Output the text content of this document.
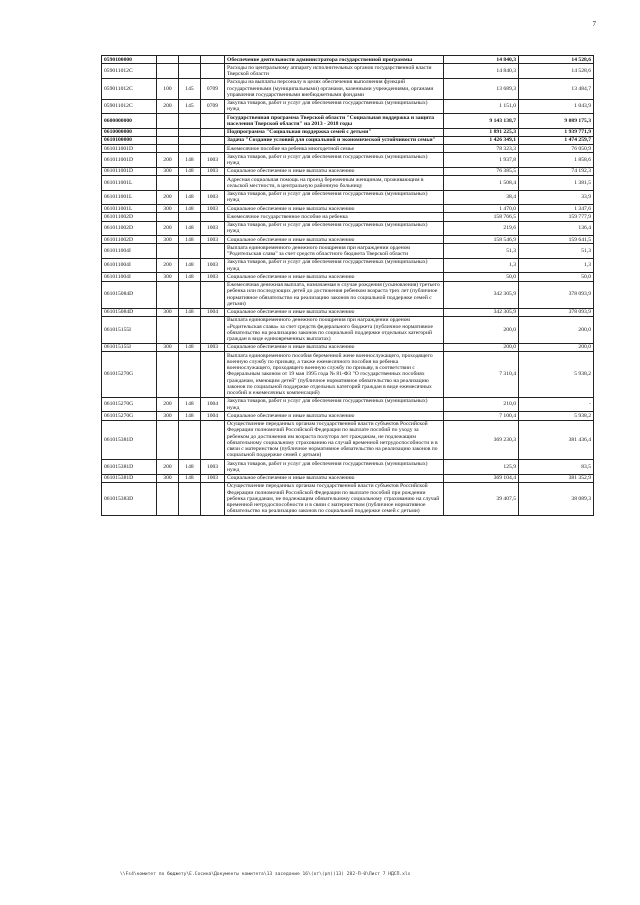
7
0590100000				Обеспечение деятельности администратора государственной программы	14 840,3	14 528,6
059011012С				Расходы по центральному аппарату исполнительных органов государственной власти Тверской области	14 840,3	14 528,6
059011012С	100	145	0709	Расходы на выплаты персоналу в целях обеспечения выполнения функций государственными (муниципальными) органами, казенными учреждениями, органами управления государственными внебюджетными фондами	13 689,3	13 484,7
059011012С	200	145	0709	Закупка товаров, работ и услуг для обеспечения государственных (муниципальных) нужд	1 151,0	1 043,9
0600000000				Государственная программа Тверской области "Социальная поддержка и защита населения Тверской области" на 2013 - 2018 годы	9 143 138,7	9 089 175,3
0610000000				Подпрограмма "Социальная поддержка семей с детьми"	1 891 225,3	1 939 771,9
0610100000				Задача "Создание условий для социальной и экономической устойчивости семьи"	1 426 349,1	1 474 259,7
061011001D				Ежемесячное пособие на ребенка многодетной семье	78 323,3	76 050,9
061011001D	200	148	1003	Закупка товаров, работ и услуг для обеспечения государственных (муниципальных) нужд	1 937,8	1 858,6
061011001D	300	148	1003	Социальное обеспечение и иные выплаты населению	76 385,5	74 192,3
061011001L				Адресная социальная помощь на проезд беременным женщинам, проживающим в сельской местности, в центральную районную больницу	1 508,4	1 381,5
061011001L	200	148	1003	Закупка товаров, работ и услуг для обеспечения государственных (муниципальных) нужд	38,4	33,9
061011001L	300	148	1003	Социальное обеспечение и иные выплаты населению	1 470,0	1 347,6
061011002D				Ежемесячное государственное пособие на ребенка	158 766,5	159 777,9
061011002D	200	148	1003	Закупка товаров, работ и услуг для обеспечения государственных (муниципальных) нужд	219,6	136,4
061011002D	300	148	1003	Социальное обеспечение и иные выплаты населению	158 546,9	159 641,5
061011004I				Выплата единовременного денежного поощрения при награждении орденом "Родительская слава" за счет средств областного бюджета Тверской области	51,3	51,3
061011004I	200	148	1003	Закупка товаров, работ и услуг для обеспечения государственных (муниципальных) нужд	1,3	1,3
061011004I	300	148	1003	Социальное обеспечение и иные выплаты населению	50,0	50,0
061015084D				Ежемесячная денежная выплата, назначаемая в случае рождения (усыновления) третьего ребенка или последующих детей до достижения ребенком возраста трех лет (публичное нормативное обязательство на реализацию законов по социальной поддержке семей с детьми)	342 305,9	378 093,9
061015084D	300	148	1004	Социальное обеспечение и иные выплаты населению	342 305,9	378 093,9
061015155I				Выплата единовременного денежного поощрения при награждении орденом «Родительская слава» за счет средств федерального бюджета (публичное нормативное обязательство на реализацию законов по социальной поддержке отдельных категорий граждан в виде единовременных выплатах)	200,0	200,0
061015155I	300	148	1003	Социальное обеспечение и иные выплаты населению	200,0	200,0
061015270G				Выплата единовременного пособия беременной жене военнослужащего, проходящего военную службу по призыву, а также ежемесячного пособия на ребенка военнослужащего, проходящего военную службу по призыву, в соответствии с Федеральным законом от 19 мая 1995 года № 81-ФЗ "О государственных пособиях гражданам, имеющим детей" (публичное нормативное обязательство на реализацию законов по социальной поддержке отдельных категорий граждан в виде ежемесячных пособий и ежемесячных компенсаций)	7 310,4	5 938,2
061015270G	200	148	1004	Закупка товаров, работ и услуг для обеспечения государственных (муниципальных) нужд	210,0	-
061015270G	300	148	1004	Социальное обеспечение и иные выплаты населению	7 100,4	5 938,2
061015381D				Осуществление переданных органам государственной власти субъектов Российской Федерации полномочий Российской Федерации по выплате пособий по уходу за ребенком до достижения им возраста полутора лет гражданам, не подлежащим обязательному социальному страхованию на случай временной нетрудоспособности и в связи с материнством (публичное нормативное обязательство на реализацию законов по социальной поддержке семей с детьми)	369 230,3	381 436,4
061015381D	200	148	1003	Закупка товаров, работ и услуг для обеспечения государственных (муниципальных) нужд	125,9	83,5
061015381D	300	148	1003	Социальное обеспечение и иные выплаты населению	369 104,4	381 352,9
061015383D				Осуществление переданных органам государственной власти субъектов Российской Федерации полномочий Российской Федерации по выплате пособий при рождении ребенка гражданам, не подлежащим обязательному социальному страхованию на случай временной нетрудоспособности и в связи с материнством (публичное нормативное обязательство на реализацию законов по социальной поддержке семей с детьми)	39 407,5	38 089,3
\\Fs4\комитет по бюджету\Е.Сосина\Документы комитета\13 заседание 16\(от\(рп)(13) 282-П-0\Лист 7 НДСП.xls
